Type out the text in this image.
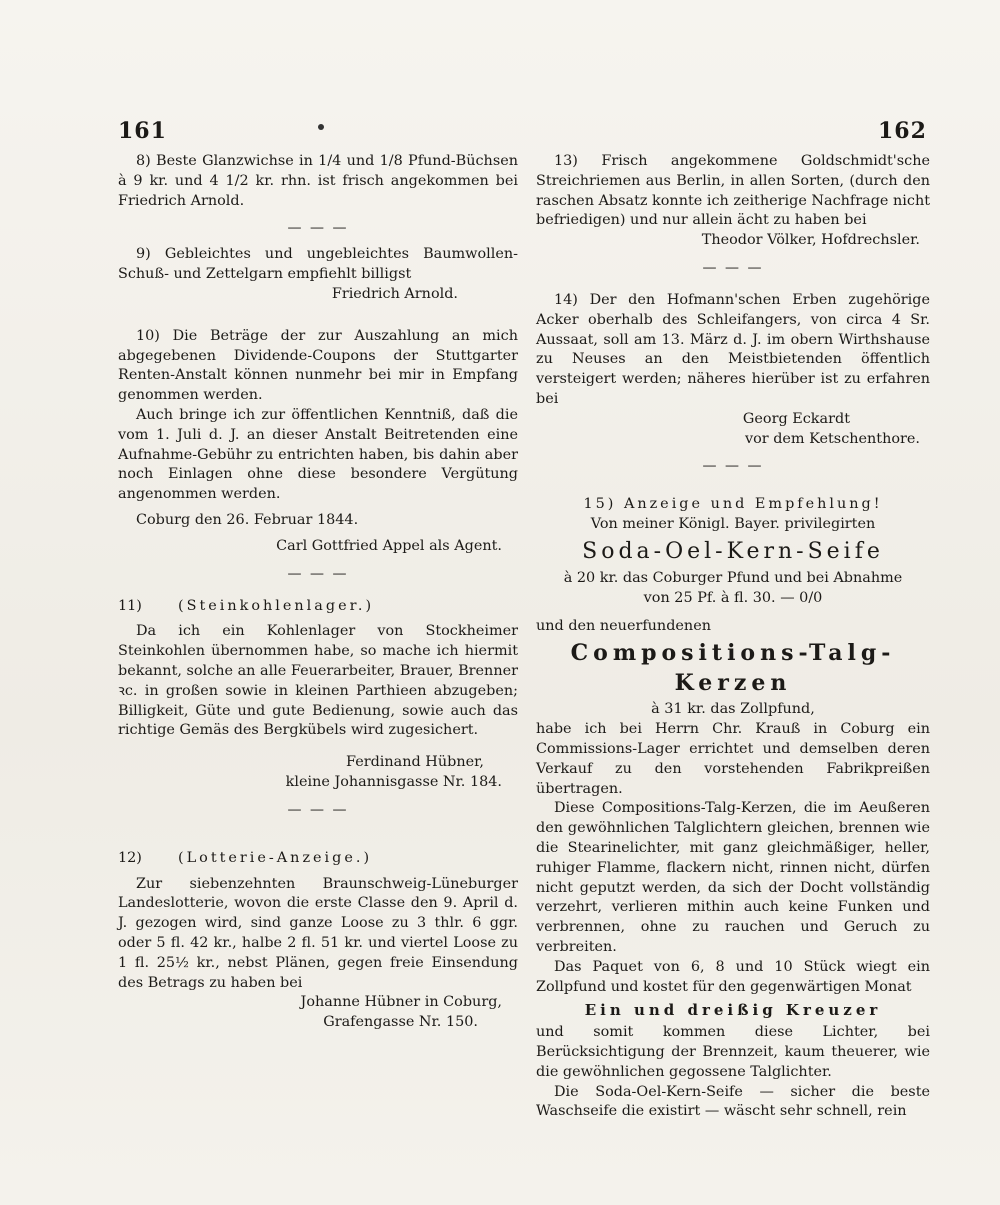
161	162

8) Beste Glanzwichse in 1/4 und 1/8 Pfund-Büchsen à 9 kr. und 4 1/2 kr. rhn. ist frisch angekommen bei Friedrich Arnold.

— — —

9) Gebleichtes und ungebleichtes Baumwollen-Schuß- und Zettelgarn empfiehlt billigst

Friedrich Arnold.

10) Die Beträge der zur Auszahlung an mich abgegebenen Dividende-Coupons der Stuttgarter Renten-Anstalt können nunmehr bei mir in Empfang genommen werden.

Auch bringe ich zur öffentlichen Kenntniß, daß die vom 1. Juli d. J. an dieser Anstalt Beitretenden eine Aufnahme-Gebühr zu entrichten haben, bis dahin aber noch Einlagen ohne diese besondere Vergütung angenommen werden.

Coburg den 26. Februar 1844.

Carl Gottfried Appel als Agent.

— — —
11)	(Steinkohlenlager.)

Da ich ein Kohlenlager von Stockheimer Steinkohlen übernommen habe, so mache ich hiermit bekannt, solche an alle Feuerarbeiter, Brauer, Brenner ꝛc. in großen sowie in kleinen Parthieen abzugeben; Billigkeit, Güte und gute Bedienung, sowie auch das richtige Gemäs des Bergkübels wird zugesichert.

Ferdinand Hübner,

kleine Johannisgasse Nr. 184.

— — —
12)	(Lotterie-Anzeige.)

Zur siebenzehnten Braunschweig-Lüneburger Landeslotterie, wovon die erste Classe den 9. April d. J. gezogen wird, sind ganze Loose zu 3 thlr. 6 ggr. oder 5 fl. 42 kr., halbe 2 fl. 51 kr. und viertel Loose zu 1 fl. 25½ kr., nebst Plänen, gegen freie Einsendung des Betrags zu haben bei

Johanne Hübner in Coburg,

Grafengasse Nr. 150.

13) Frisch angekommene Goldschmidt'sche Streichriemen aus Berlin, in allen Sorten, (durch den raschen Absatz konnte ich zeitherige Nachfrage nicht befriedigen) und nur allein ächt zu haben bei

Theodor Völker, Hofdrechsler.

— — —

14) Der den Hofmann'schen Erben zugehörige Acker oberhalb des Schleifangers, von circa 4 Sr. Aussaat, soll am 13. März d. J. im obern Wirthshause zu Neuses an den Meistbietenden öffentlich versteigert werden; näheres hierüber ist zu erfahren bei

Georg Eckardt

vor dem Ketschenthore.

— — —

15) Anzeige und Empfehlung!

Von meiner Königl. Bayer. privilegirten

Soda-Oel-Kern-Seife

à 20 kr. das Coburger Pfund und bei Abnahme

von 25 Pf. à fl. 30. — 0/0

und den neuerfundenen

Compositions-Talg-Kerzen

à 31 kr. das Zollpfund,

habe ich bei Herrn Chr. Krauß in Coburg ein Commissions-Lager errichtet und demselben deren Verkauf zu den vorstehenden Fabrikpreißen übertragen.

Diese Compositions-Talg-Kerzen, die im Aeußeren den gewöhnlichen Talglichtern gleichen, brennen wie die Stearinelichter, mit ganz gleichmäßiger, heller, ruhiger Flamme, flackern nicht, rinnen nicht, dürfen nicht geputzt werden, da sich der Docht vollständig verzehrt, verlieren mithin auch keine Funken und verbrennen, ohne zu rauchen und Geruch zu verbreiten.

Das Paquet von 6, 8 und 10 Stück wiegt ein Zollpfund und kostet für den gegenwärtigen Monat

Ein und dreißig Kreuzer

und somit kommen diese Lichter, bei Berücksichtigung der Brennzeit, kaum theuerer, wie die gewöhnlichen gegossene Talglichter.

Die Soda-Oel-Kern-Seife — sicher die beste Waschseife die existirt — wäscht sehr schnell, rein
